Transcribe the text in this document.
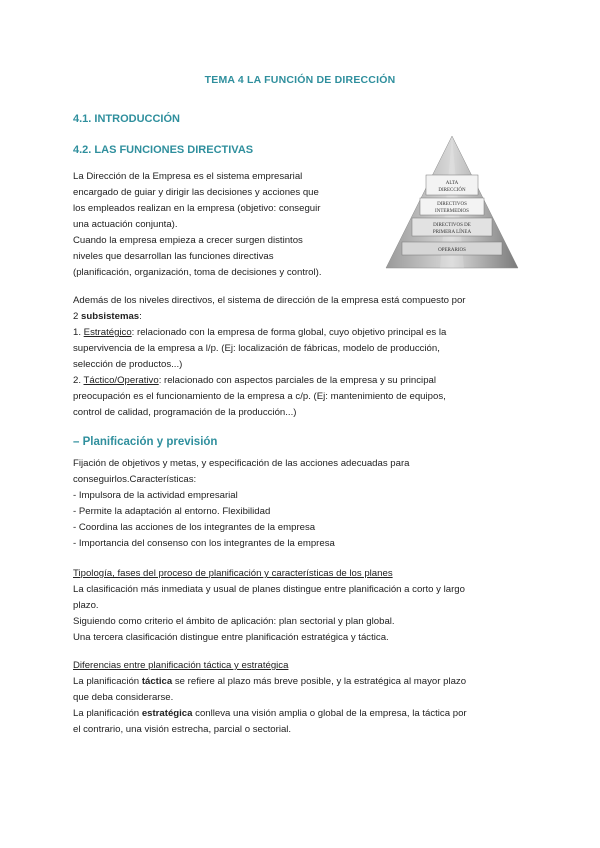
TEMA 4 LA FUNCIÓN DE DIRECCIÓN
4.1. INTRODUCCIÓN
4.2. LAS FUNCIONES DIRECTIVAS

La Dirección de la Empresa es el sistema empresarial

encargado de guiar y dirigir las decisiones y acciones que

los empleados realizan en la empresa (objetivo: conseguir

una actuación conjunta).

Cuando la empresa empieza a crecer surgen distintos

niveles que desarrollan las funciones directivas

(planificación, organización, toma de decisiones y control).

ALTA
DIRECCIÓN
DIRECTIVOS
INTERMEDIOS
DIRECTIVOS DE
PRIMERA LÍNEA
OPERARIOS

Además de los niveles directivos, el sistema de dirección de la empresa está compuesto por

2 subsistemas:

1. Estratégico: relacionado con la empresa de forma global, cuyo objetivo principal es la

supervivencia de la empresa a l/p. (Ej: localización de fábricas, modelo de producción,

selección de productos...)

2. Táctico/Operativo: relacionado con aspectos parciales de la empresa y su principal

preocupación es el funcionamiento de la empresa a c/p. (Ej: mantenimiento de equipos,

control de calidad, programación de la producción...)

– Planificación y previsión

Fijación de objetivos y metas, y especificación de las acciones adecuadas para

conseguirlos.Características:

- Impulsora de la actividad empresarial

- Permite la adaptación al entorno. Flexibilidad

- Coordina las acciones de los integrantes de la empresa

- Importancia del consenso con los integrantes de la empresa

Tipología, fases del proceso de planificación y características de los planes

La clasificación más inmediata y usual de planes distingue entre planificación a corto y largo

plazo.

Siguiendo como criterio el ámbito de aplicación: plan sectorial y plan global.

Una tercera clasificación distingue entre planificación estratégica y táctica.

Diferencias entre planificación táctica y estratégica

La planificación táctica se refiere al plazo más breve posible, y la estratégica al mayor plazo

que deba considerarse.

La planificación estratégica conlleva una visión amplia o global de la empresa, la táctica por

el contrario, una visión estrecha, parcial o sectorial.
